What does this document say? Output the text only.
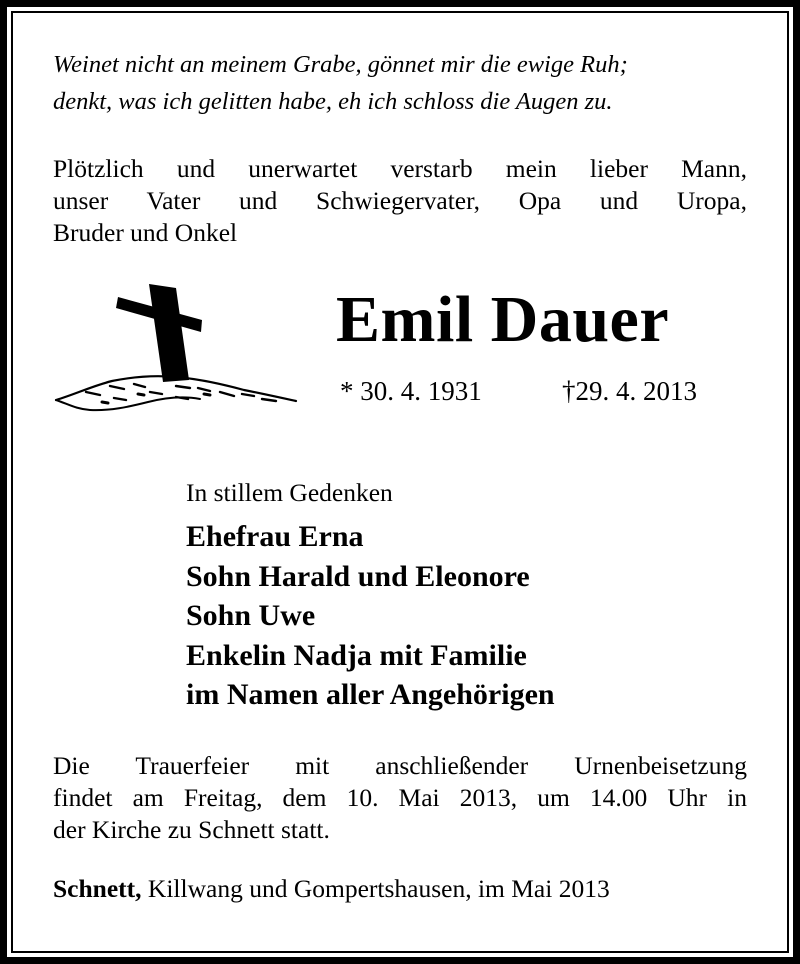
Weinet nicht an meinem Grabe, gönnet mir die ewige Ruh;
denkt, was ich gelitten habe, eh ich schloss die Augen zu.
Plötzlich und unerwartet verstarb mein lieber Mann,
unser Vater und Schwiegervater, Opa und Uropa,
Bruder und Onkel
Emil Dauer
* 30. 4. 1931	†29. 4. 2013
In stillem Gedenken
Ehefrau Erna
Sohn Harald und Eleonore
Sohn Uwe
Enkelin Nadja mit Familie
im Namen aller Angehörigen
Die Trauerfeier mit anschließender Urnenbeisetzung
findet am Freitag, dem 10. Mai 2013, um 14.00 Uhr in
der Kirche zu Schnett statt.
Schnett, Killwang und Gompertshausen, im Mai 2013
